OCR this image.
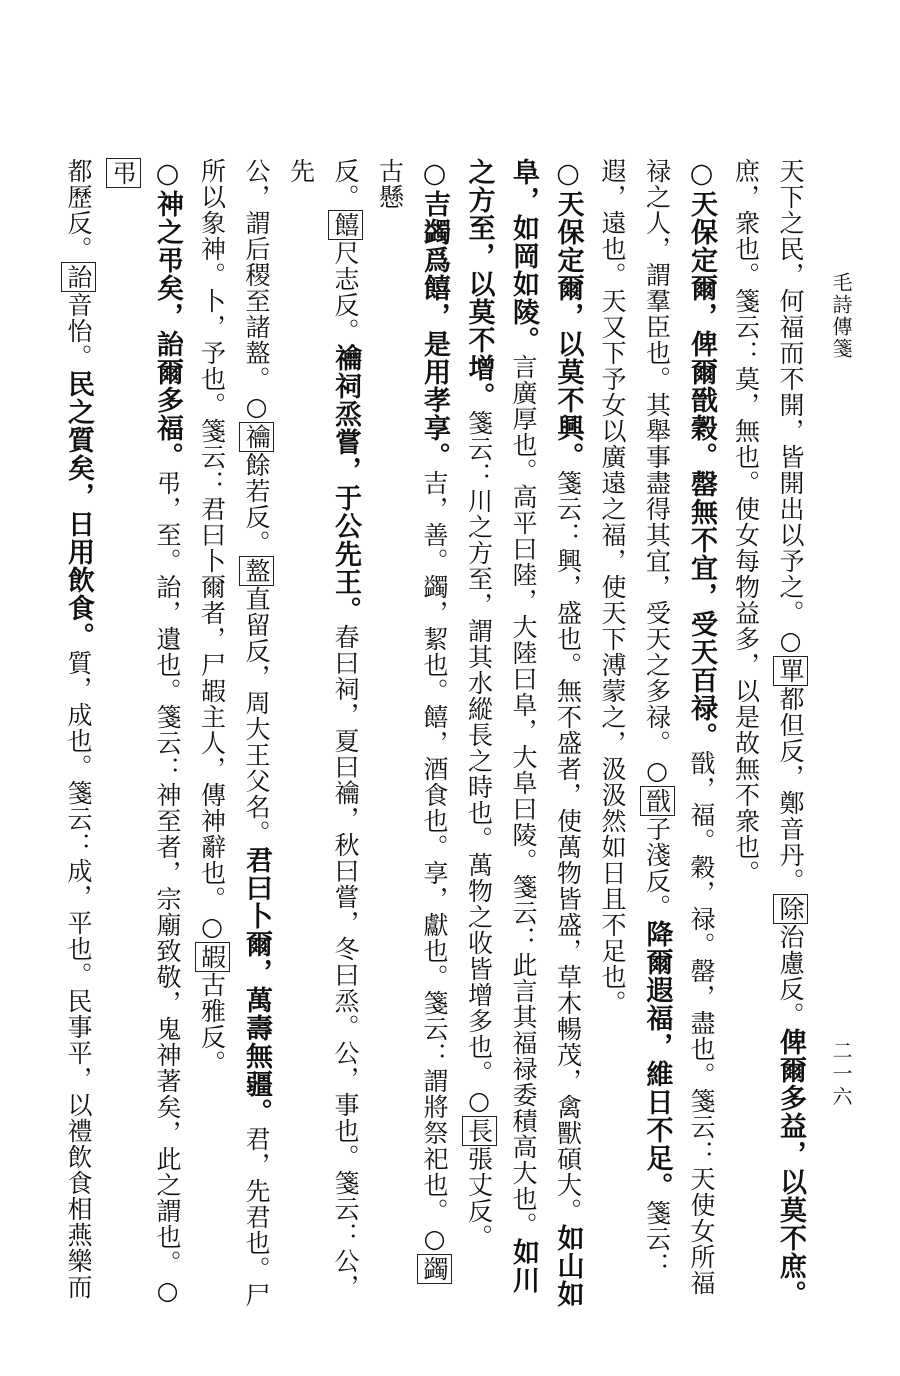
毛詩傳箋
二一六
天下之民，何福而不開，皆開出以予之。○單都但反，鄭音丹。除治慮反。俾爾多益，以莫不庶。
庶，衆也。箋云：莫，無也。使女每物益多，以是故無不衆也。
○天保定爾，俾爾戩穀。罄無不宜，受天百禄。戩，福。穀，禄。罄，盡也。箋云：天使女所福
禄之人，謂羣臣也。其舉事盡得其宜，受天之多禄。○戩子淺反。降爾遐福，維日不足。箋云：
遐，遠也。天又下予女以廣遠之福，使天下溥蒙之，汲汲然如日且不足也。
○天保定爾，以莫不興。箋云：興，盛也。無不盛者，使萬物皆盛，草木暢茂，禽獸碩大。如山如
阜，如岡如陵。言廣厚也。高平曰陸，大陸曰阜，大阜曰陵。箋云：此言其福禄委積高大也。如川
之方至，以莫不增。箋云：川之方至，謂其水縱長之時也。萬物之收皆增多也。○長張丈反。
○吉蠲爲饎，是用孝享。吉，善。蠲，絜也。饎，酒食也。享，獻也。箋云：謂將祭祀也。○蠲古懸
反。饎尺志反。禴祠烝嘗，于公先王。春曰祠，夏曰禴，秋曰嘗，冬曰烝。公，事也。箋云：公，先
公，謂后稷至諸盩。○禴餘若反。盩直留反，周大王父名。君曰卜爾，萬壽無疆。君，先君也。尸
所以象神。卜，予也。箋云：君曰卜爾者，尸嘏主人，傳神辭也。○嘏古雅反。
○神之弔矣，詒爾多福。弔，至。詒，遺也。箋云：神至者，宗廟致敬，鬼神著矣，此之謂也。○弔
都歷反。詒音怡。民之質矣，日用飲食。質，成也。箋云：成，平也。民事平，以禮飲食相燕樂而
